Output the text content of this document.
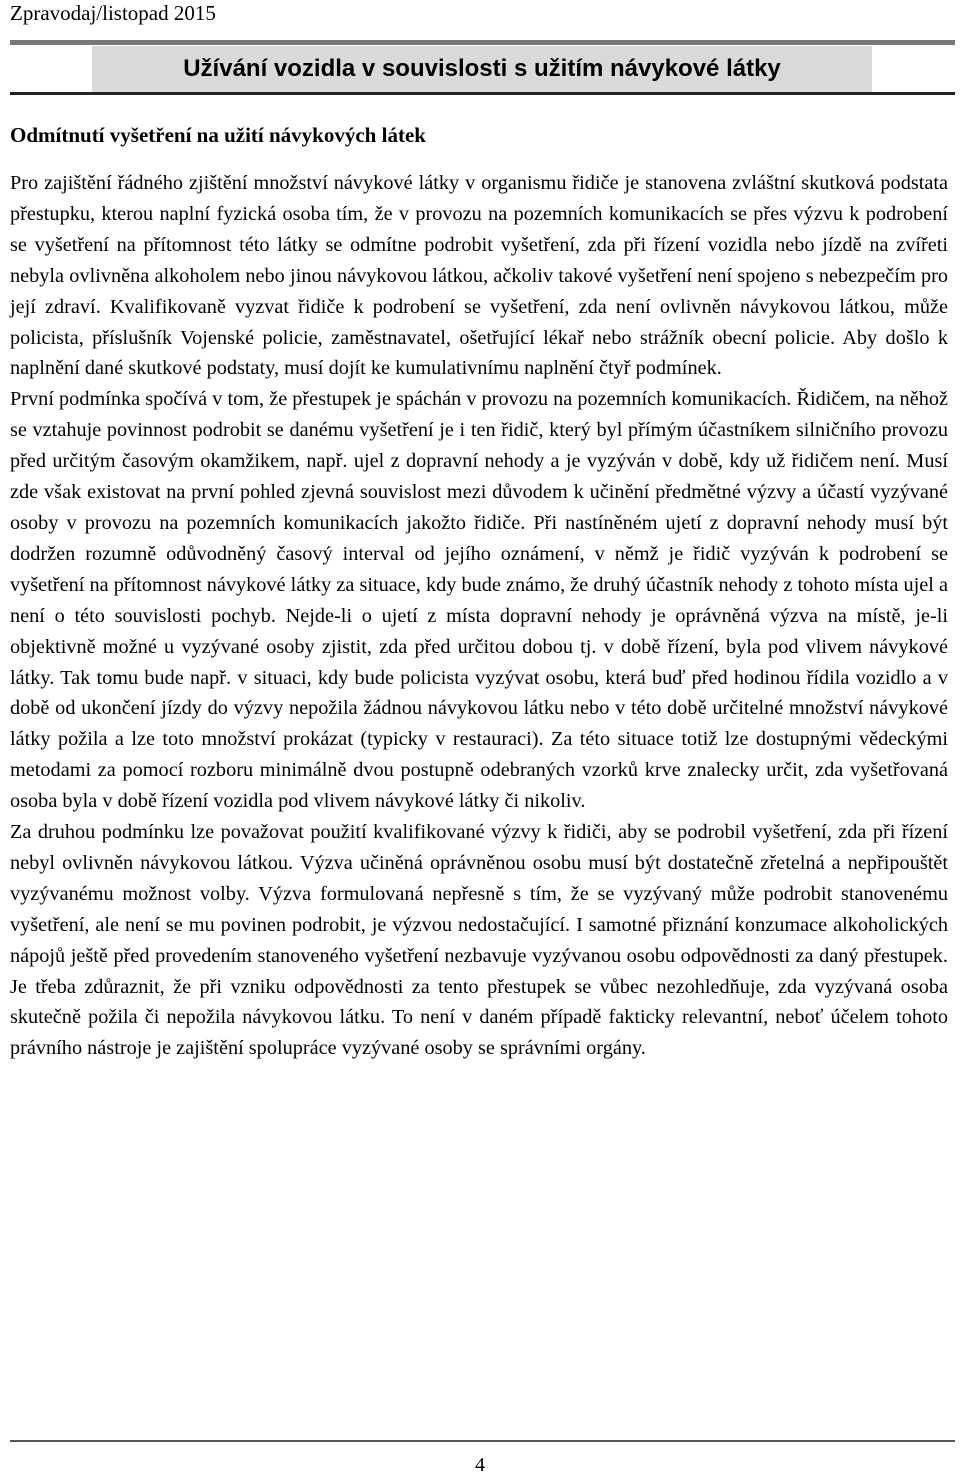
Zpravodaj/listopad 2015
Užívání vozidla v souvislosti s užitím návykové látky
Odmítnutí vyšetření na užití návykových látek

Pro zajištění řádného zjištění množství návykové látky v organismu řidiče je stanovena zvláštní skutková podstata přestupku, kterou naplní fyzická osoba tím, že v provozu na pozemních komunikacích se přes výzvu k podrobení se vyšetření na přítomnost této látky se odmítne podrobit vyšetření, zda při řízení vozidla nebo jízdě na zvířeti nebyla ovlivněna alkoholem nebo jinou návykovou látkou, ačkoliv takové vyšetření není spojeno s nebezpečím pro její zdraví. Kvalifikovaně vyzvat řidiče k podrobení se vyšetření, zda není ovlivněn návykovou látkou, může policista, příslušník Vojenské policie, zaměstnavatel, ošetřující lékař nebo strážník obecní policie. Aby došlo k naplnění dané skutkové podstaty, musí dojít ke kumulativnímu naplnění čtyř podmínek.

První podmínka spočívá v tom, že přestupek je spáchán v provozu na pozemních komunikacích. Řidičem, na něhož se vztahuje povinnost podrobit se danému vyšetření je i ten řidič, který byl přímým účastníkem silničního provozu před určitým časovým okamžikem, např. ujel z dopravní nehody a je vyzýván v době, kdy už řidičem není. Musí zde však existovat na první pohled zjevná souvislost mezi důvodem k učinění předmětné výzvy a účastí vyzývané osoby v provozu na pozemních komunikacích jakožto řidiče. Při nastíněném ujetí z dopravní nehody musí být dodržen rozumně odůvodněný časový interval od jejího oznámení, v němž je řidič vyzýván k podrobení se vyšetření na přítomnost návykové látky za situace, kdy bude známo, že druhý účastník nehody z tohoto místa ujel a není o této souvislosti pochyb. Nejde-li o ujetí z místa dopravní nehody je oprávněná výzva na místě, je-li objektivně možné u vyzývané osoby zjistit, zda před určitou dobou tj. v době řízení, byla pod vlivem návykové látky. Tak tomu bude např. v situaci, kdy bude policista vyzývat osobu, která buď před hodinou řídila vozidlo a v době od ukončení jízdy do výzvy nepožila žádnou návykovou látku nebo v této době určitelné množství návykové látky požila a lze toto množství prokázat (typicky v restauraci). Za této situace totiž lze dostupnými vědeckými metodami za pomocí rozboru minimálně dvou postupně odebraných vzorků krve znalecky určit, zda vyšetřovaná osoba byla v době řízení vozidla pod vlivem návykové látky či nikoliv.

Za druhou podmínku lze považovat použití kvalifikované výzvy k řidiči, aby se podrobil vyšetření, zda při řízení nebyl ovlivněn návykovou látkou. Výzva učiněná oprávněnou osobu musí být dostatečně zřetelná a nepřipouštět vyzývanému možnost volby. Výzva formulovaná nepřesně s tím, že se vyzývaný může podrobit stanovenému vyšetření, ale není se mu povinen podrobit, je výzvou nedostačující. I samotné přiznání konzumace alkoholických nápojů ještě před provedením stanoveného vyšetření nezbavuje vyzývanou osobu odpovědnosti za daný přestupek. Je třeba zdůraznit, že při vzniku odpovědnosti za tento přestupek se vůbec nezohledňuje, zda vyzývaná osoba skutečně požila či nepožila návykovou látku. To není v daném případě fakticky relevantní, neboť účelem tohoto právního nástroje je zajištění spolupráce vyzývané osoby se správními orgány.

4
